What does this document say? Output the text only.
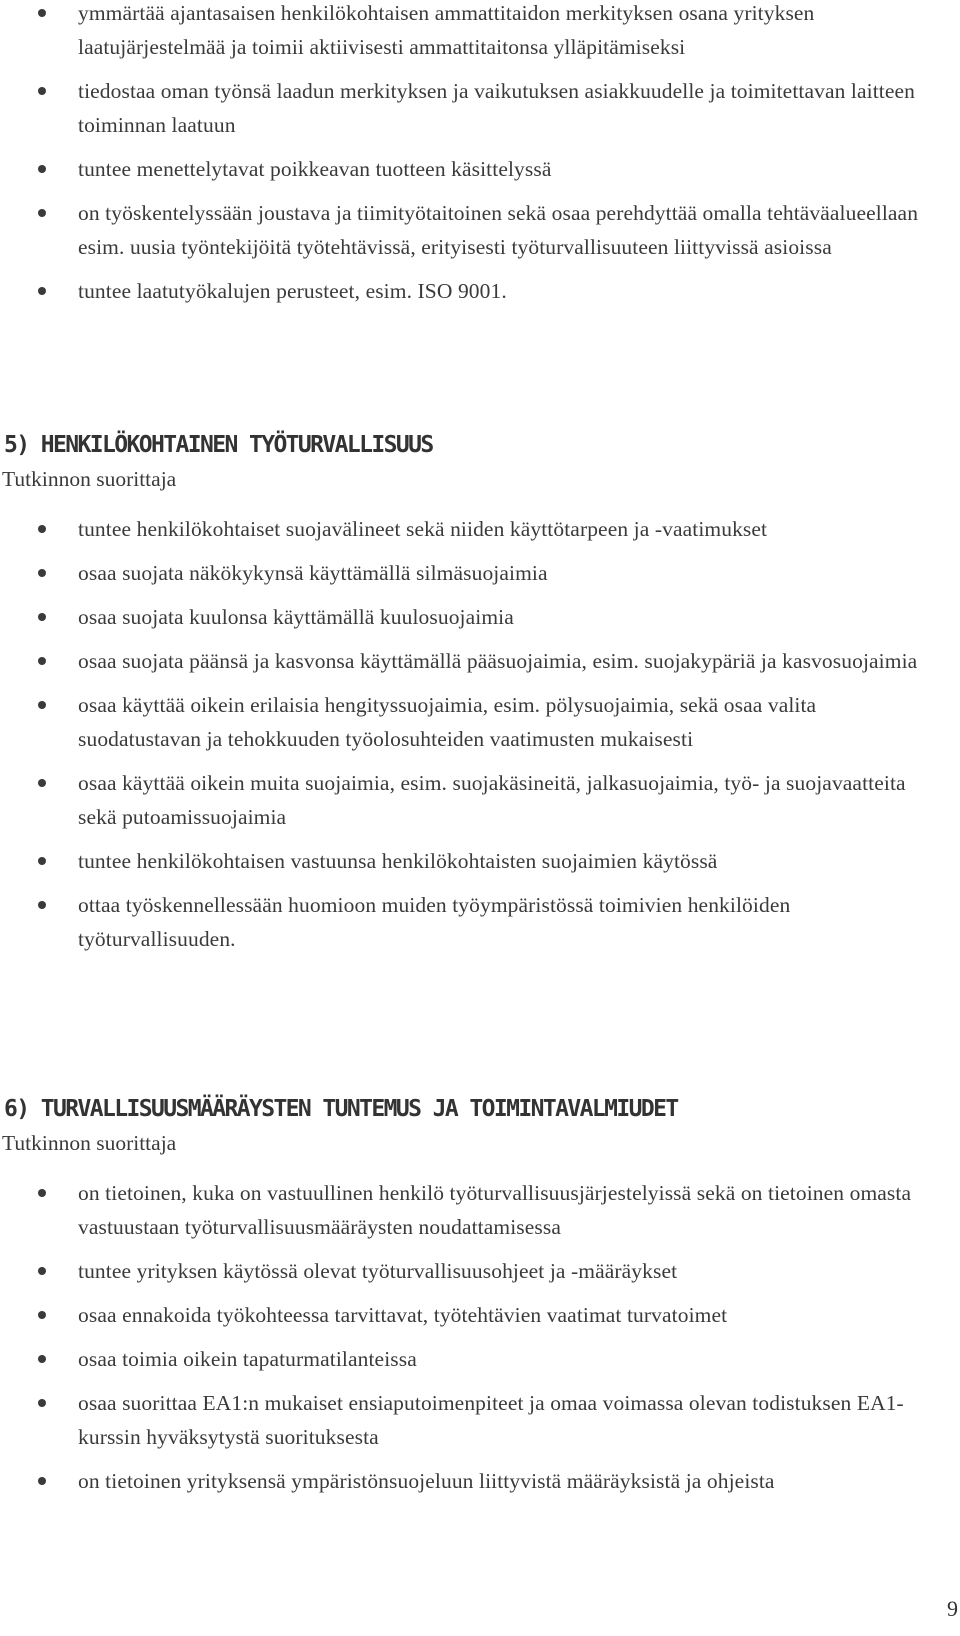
ymmärtää ajantasaisen henkilökohtaisen ammattitaidon merkityksen osana yrityksen laatujärjestelmää ja toimii aktiivisesti ammattitaitonsa ylläpitämiseksi
tiedostaa oman työnsä laadun merkityksen ja vaikutuksen asiakkuudelle ja toimitettavan laitteen toiminnan laatuun
tuntee menettelytavat poikkeavan tuotteen käsittelyssä
on työskentelyssään joustava ja tiimityötaitoinen sekä osaa perehdyttää omalla tehtäväalueellaan esim. uusia työntekijöitä työtehtävissä, erityisesti työturvallisuuteen liittyvissä asioissa
tuntee laatutyökalujen perusteet, esim. ISO 9001.
5) HENKILÖKOHTAINEN TYÖTURVALLISUUS

Tutkinnon suorittaja

tuntee henkilökohtaiset suojavälineet sekä niiden käyttötarpeen ja -vaatimukset
osaa suojata näkökykynsä käyttämällä silmäsuojaimia
osaa suojata kuulonsa käyttämällä kuulosuojaimia
osaa suojata päänsä ja kasvonsa käyttämällä pääsuojaimia, esim. suojakypäriä ja kasvosuojaimia
osaa käyttää oikein erilaisia hengityssuojaimia, esim. pölysuojaimia, sekä osaa valita suodatustavan ja tehokkuuden työolosuhteiden vaatimusten mukaisesti
osaa käyttää oikein muita suojaimia, esim. suojakäsineitä, jalkasuojaimia, työ- ja suojavaatteita sekä putoamissuojaimia
tuntee henkilökohtaisen vastuunsa henkilökohtaisten suojaimien käytössä
ottaa työskennellessään huomioon muiden työympäristössä toimivien henkilöiden työturvallisuuden.
6) TURVALLISUUSMÄÄRÄYSTEN TUNTEMUS JA TOIMINTAVALMIUDET

Tutkinnon suorittaja

on tietoinen, kuka on vastuullinen henkilö työturvallisuusjärjestelyissä sekä on tietoinen omasta vastuustaan työturvallisuusmääräysten noudattamisessa
tuntee yrityksen käytössä olevat työturvallisuusohjeet ja -määräykset
osaa ennakoida työkohteessa tarvittavat, työtehtävien vaatimat turvatoimet
osaa toimia oikein tapaturmatilanteissa
osaa suorittaa EA1:n mukaiset ensiaputoimenpiteet ja omaa voimassa olevan todistuksen EA1-kurssin hyväksytystä suorituksesta
on tietoinen yrityksensä ympäristönsuojeluun liittyvistä määräyksistä ja ohjeista
9
